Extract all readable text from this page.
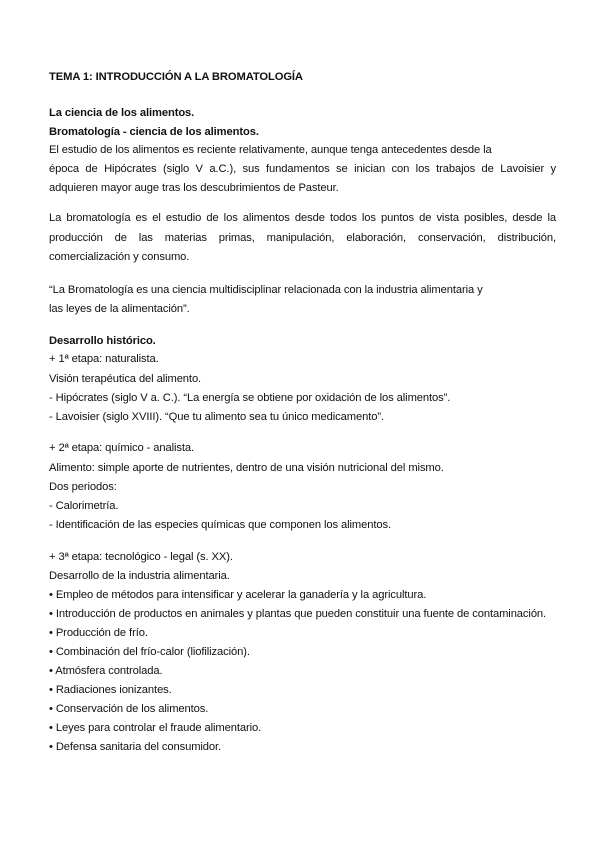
TEMA 1: INTRODUCCIÓN A LA BROMATOLOGÍA
La ciencia de los alimentos.
Bromatología - ciencia de los alimentos.
El estudio de los alimentos es reciente relativamente, aunque tenga antecedentes desde la
época de Hipócrates (siglo V a.C.), sus fundamentos se inician con los trabajos de Lavoisier y
adquieren mayor auge tras los descubrimientos de Pasteur.
La bromatología es el estudio de los alimentos desde todos los puntos de vista posibles, desde la
producción de las materias primas, manipulación, elaboración, conservación, distribución,
comercialización y consumo.
“La Bromatología es una ciencia multidisciplinar relacionada con la industria alimentaria y
las leyes de la alimentación”.
Desarrollo histórico.
+ 1ª etapa: naturalista.
Visión terapéutica del alimento.
- Hipócrates (siglo V a. C.). “La energía se obtiene por oxidación de los alimentos”.
- Lavoisier (siglo XVIII). “Que tu alimento sea tu único medicamento”.
+ 2ª etapa: químico - analista.
Alimento: simple aporte de nutrientes, dentro de una visión nutricional del mismo.
Dos periodos:
- Calorimetría.
- Identificación de las especies químicas que componen los alimentos.
+ 3ª etapa: tecnológico - legal (s. XX).
Desarrollo de la industria alimentaria.
• Empleo de métodos para intensificar y acelerar la ganadería y la agricultura.
• Introducción de productos en animales y plantas que pueden constituir una fuente de contaminación.
• Producción de frío.
• Combinación del frío-calor (liofilización).
• Atmósfera controlada.
• Radiaciones ionizantes.
• Conservación de los alimentos.
• Leyes para controlar el fraude alimentario.
• Defensa sanitaria del consumidor.
